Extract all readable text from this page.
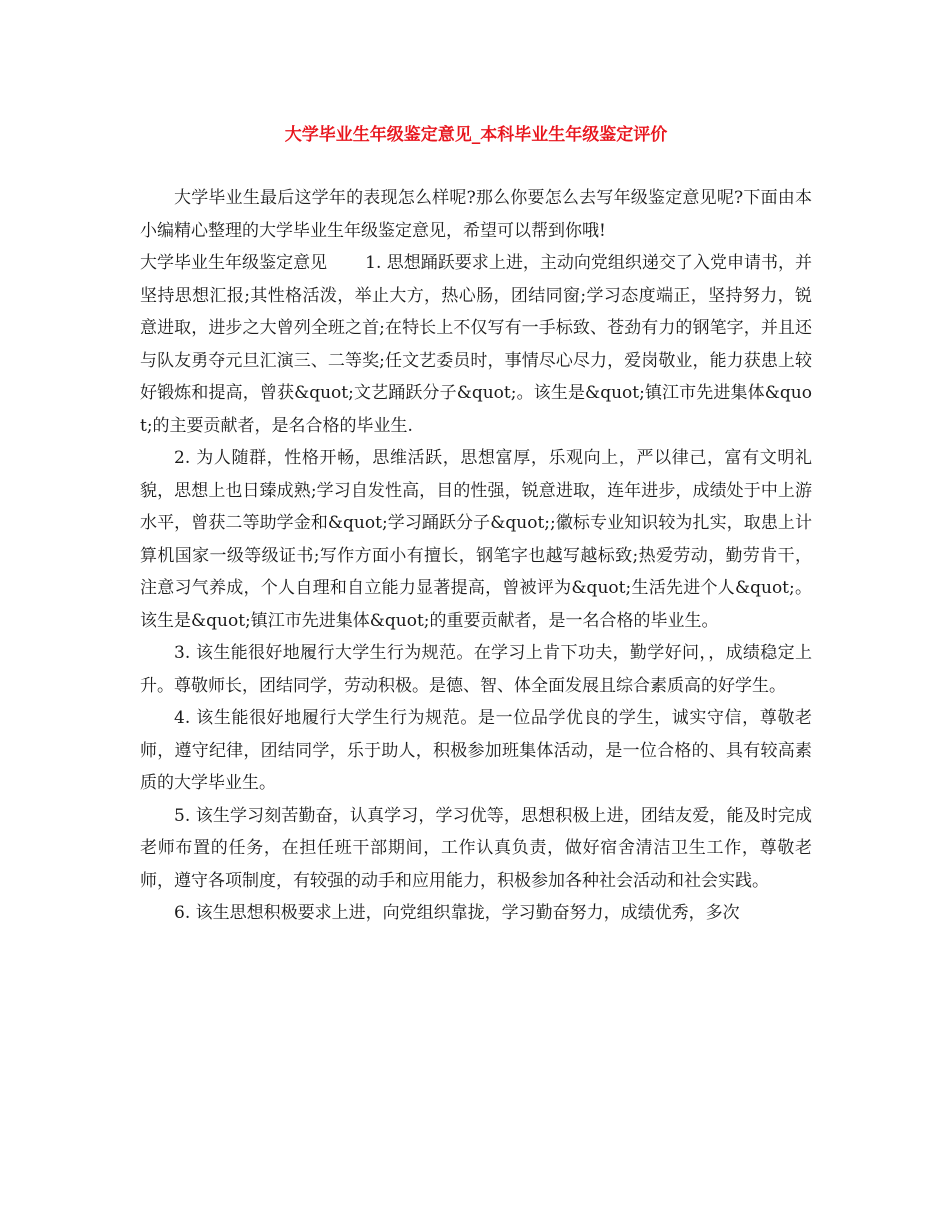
大学毕业生年级鉴定意见_本科毕业生年级鉴定评价

大学毕业生最后这学年的表现怎么样呢?那么你要怎么去写年级鉴定意见呢?下面由本小编精心整理的大学毕业生年级鉴定意见，希望可以帮到你哦!

大学毕业生年级鉴定意见 1. 思想踊跃要求上进，主动向党组织递交了入党申请书，并坚持思想汇报;其性格活泼，举止大方，热心肠，团结同窗;学习态度端正，坚持努力，锐意进取，进步之大曾列全班之首;在特长上不仅写有一手标致、苍劲有力的钢笔字，并且还与队友勇夺元旦汇演三、二等奖;任文艺委员时，事情尽心尽力，爱岗敬业，能力获患上较好锻炼和提高，曾获&quot;文艺踊跃分子&quot;。该生是&quot;镇江市先进集体&quot;的主要贡献者，是名合格的毕业生.

2. 为人随群，性格开畅，思维活跃，思想富厚，乐观向上，严以律己，富有文明礼貌，思想上也日臻成熟;学习自发性高，目的性强，锐意进取，连年进步，成绩处于中上游水平，曾获二等助学金和&quot;学习踊跃分子&quot;;徽标专业知识较为扎实，取患上计算机国家一级等级证书;写作方面小有擅长，钢笔字也越写越标致;热爱劳动，勤劳肯干，注意习气养成，个人自理和自立能力显著提高，曾被评为&quot;生活先进个人&quot;。该生是&quot;镇江市先进集体&quot;的重要贡献者，是一名合格的毕业生。

3. 该生能很好地履行大学生行为规范。在学习上肯下功夫，勤学好问，，成绩稳定上升。尊敬师长，团结同学，劳动积极。是德、智、体全面发展且综合素质高的好学生。

4. 该生能很好地履行大学生行为规范。是一位品学优良的学生，诚实守信，尊敬老师，遵守纪律，团结同学，乐于助人，积极参加班集体活动，是一位合格的、具有较高素质的大学毕业生。

5. 该生学习刻苦勤奋，认真学习，学习优等，思想积极上进，团结友爱，能及时完成老师布置的任务，在担任班干部期间，工作认真负责，做好宿舍清洁卫生工作，尊敬老师，遵守各项制度，有较强的动手和应用能力，积极参加各种社会活动和社会实践。

6. 该生思想积极要求上进，向党组织靠拢，学习勤奋努力，成绩优秀，多次
